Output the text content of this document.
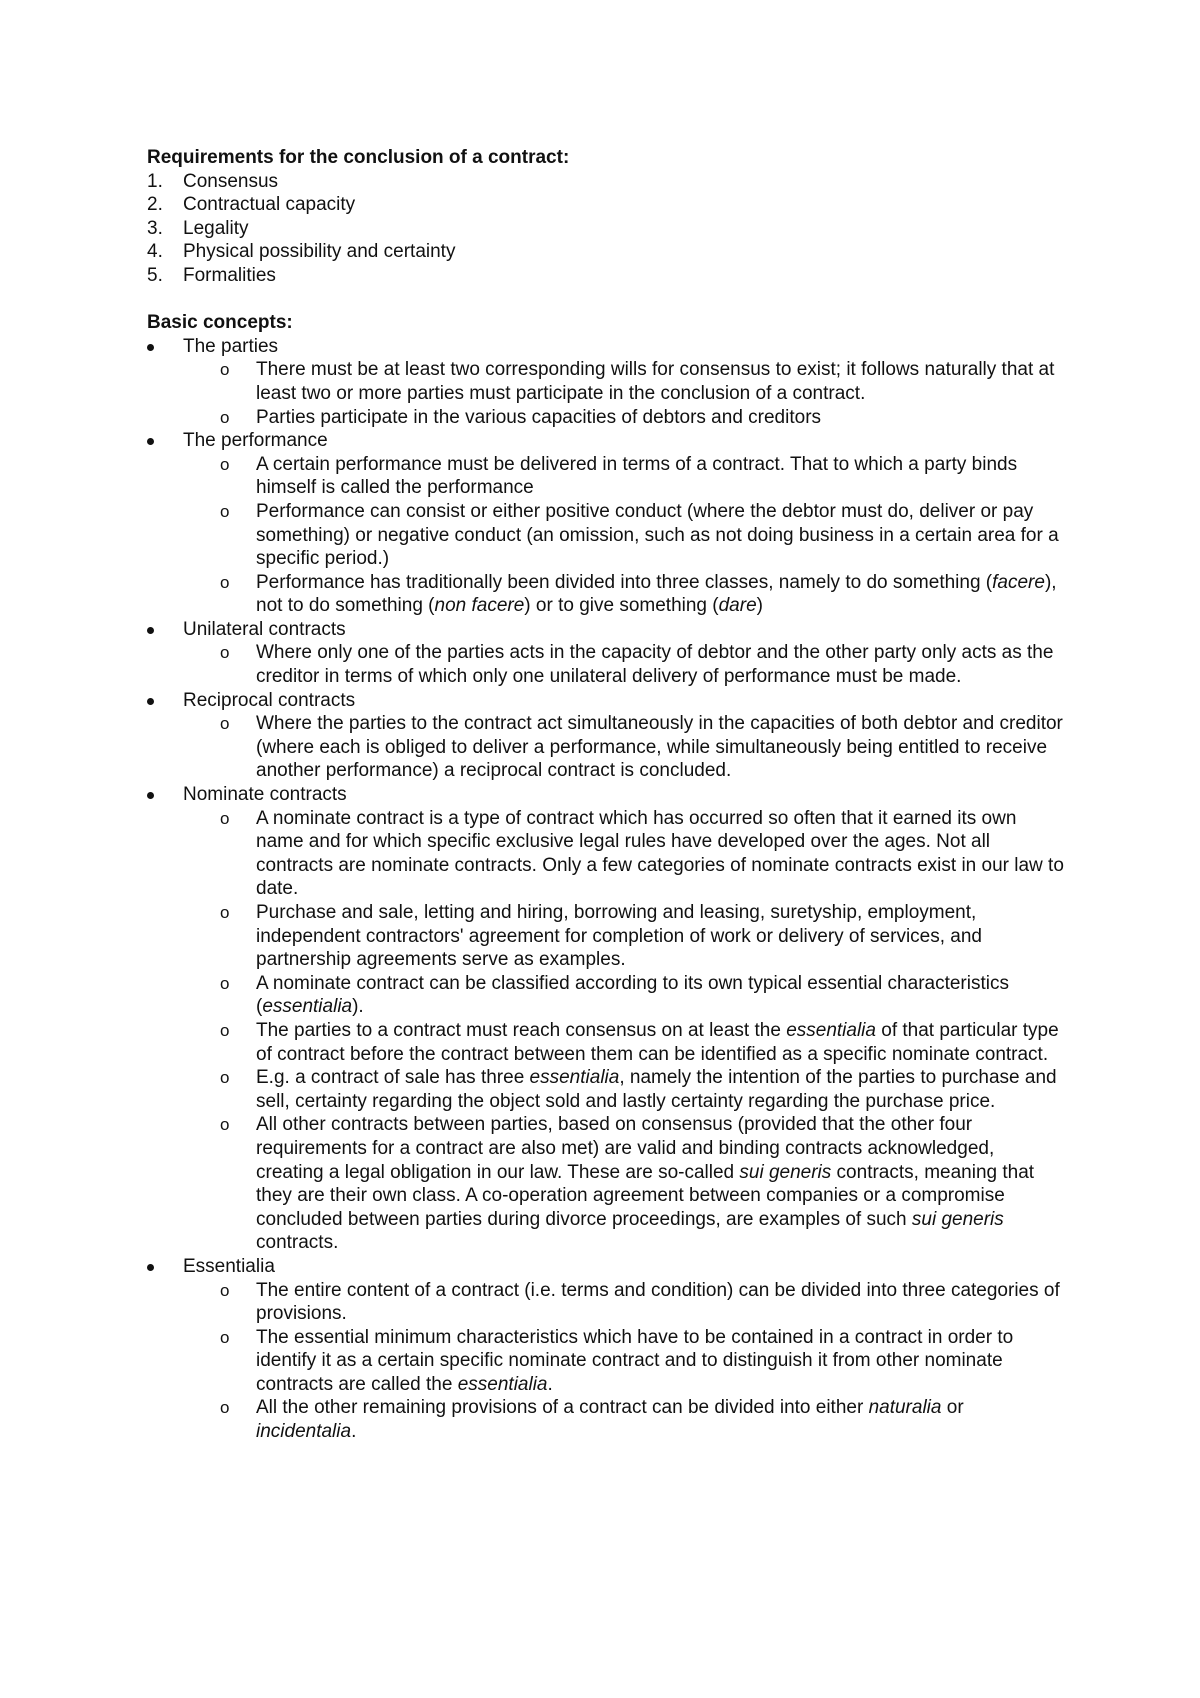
Requirements for the conclusion of a contract:

1. Consensus
2. Contractual capacity
3. Legality
4. Physical possibility and certainty
5. Formalities

Basic concepts:

The parties
o There must be at least two corresponding wills for consensus to exist; it follows naturally that at least two or more parties must participate in the conclusion of a contract.
o Parties participate in the various capacities of debtors and creditors
The performance
o A certain performance must be delivered in terms of a contract. That to which a party binds himself is called the performance
o Performance can consist or either positive conduct (where the debtor must do, deliver or pay something) or negative conduct (an omission, such as not doing business in a certain area for a specific period.)
o Performance has traditionally been divided into three classes, namely to do something (facere), not to do something (non facere) or to give something (dare)
Unilateral contracts
o Where only one of the parties acts in the capacity of debtor and the other party only acts as the creditor in terms of which only one unilateral delivery of performance must be made.
Reciprocal contracts
o Where the parties to the contract act simultaneously in the capacities of both debtor and creditor (where each is obliged to deliver a performance, while simultaneously being entitled to receive another performance) a reciprocal contract is concluded.
Nominate contracts
o A nominate contract is a type of contract which has occurred so often that it earned its own name and for which specific exclusive legal rules have developed over the ages. Not all contracts are nominate contracts. Only a few categories of nominate contracts exist in our law to date.
o Purchase and sale, letting and hiring, borrowing and leasing, suretyship, employment, independent contractors' agreement for completion of work or delivery of services, and partnership agreements serve as examples.
o A nominate contract can be classified according to its own typical essential characteristics (essentialia).
o The parties to a contract must reach consensus on at least the essentialia of that particular type of contract before the contract between them can be identified as a specific nominate contract.
o E.g. a contract of sale has three essentialia, namely the intention of the parties to purchase and sell, certainty regarding the object sold and lastly certainty regarding the purchase price.
o All other contracts between parties, based on consensus (provided that the other four requirements for a contract are also met) are valid and binding contracts acknowledged, creating a legal obligation in our law. These are so-called sui generis contracts, meaning that they are their own class. A co-operation agreement between companies or a compromise concluded between parties during divorce proceedings, are examples of such sui generis contracts.
Essentialia
o The entire content of a contract (i.e. terms and condition) can be divided into three categories of provisions.
o The essential minimum characteristics which have to be contained in a contract in order to identify it as a certain specific nominate contract and to distinguish it from other nominate contracts are called the essentialia.
o All the other remaining provisions of a contract can be divided into either naturalia or incidentalia.
